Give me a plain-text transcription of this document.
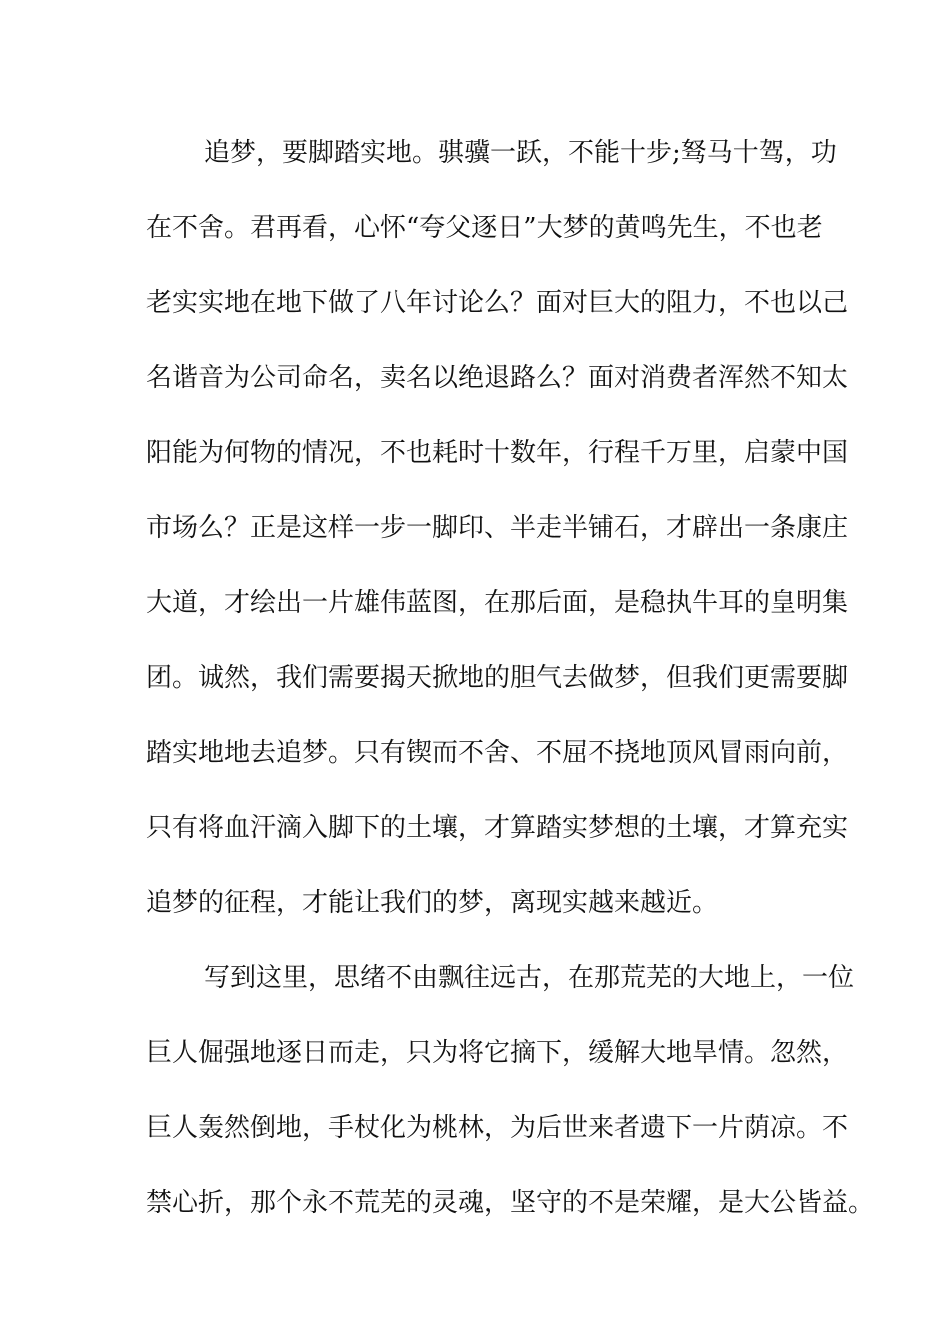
追梦，要脚踏实地。骐骥一跃，不能十步;驽马十驾，功
在不舍。君再看，心怀“夸父逐日”大梦的黄鸣先生，不也老
老实实地在地下做了八年讨论么？面对巨大的阻力，不也以己
名谐音为公司命名，卖名以绝退路么？面对消费者浑然不知太
阳能为何物的情况，不也耗时十数年，行程千万里，启蒙中国
市场么？正是这样一步一脚印、半走半铺石，才辟出一条康庄
大道，才绘出一片雄伟蓝图，在那后面，是稳执牛耳的皇明集
团。诚然，我们需要揭天掀地的胆气去做梦，但我们更需要脚
踏实地地去追梦。只有锲而不舍、不屈不挠地顶风冒雨向前，
只有将血汗滴入脚下的土壤，才算踏实梦想的土壤，才算充实
追梦的征程，才能让我们的梦，离现实越来越近。
写到这里，思绪不由飘往远古，在那荒芜的大地上，一位
巨人倔强地逐日而走，只为将它摘下，缓解大地旱情。忽然，
巨人轰然倒地，手杖化为桃林，为后世来者遗下一片荫凉。不
禁心折，那个永不荒芜的灵魂，坚守的不是荣耀，是大公皆益。
